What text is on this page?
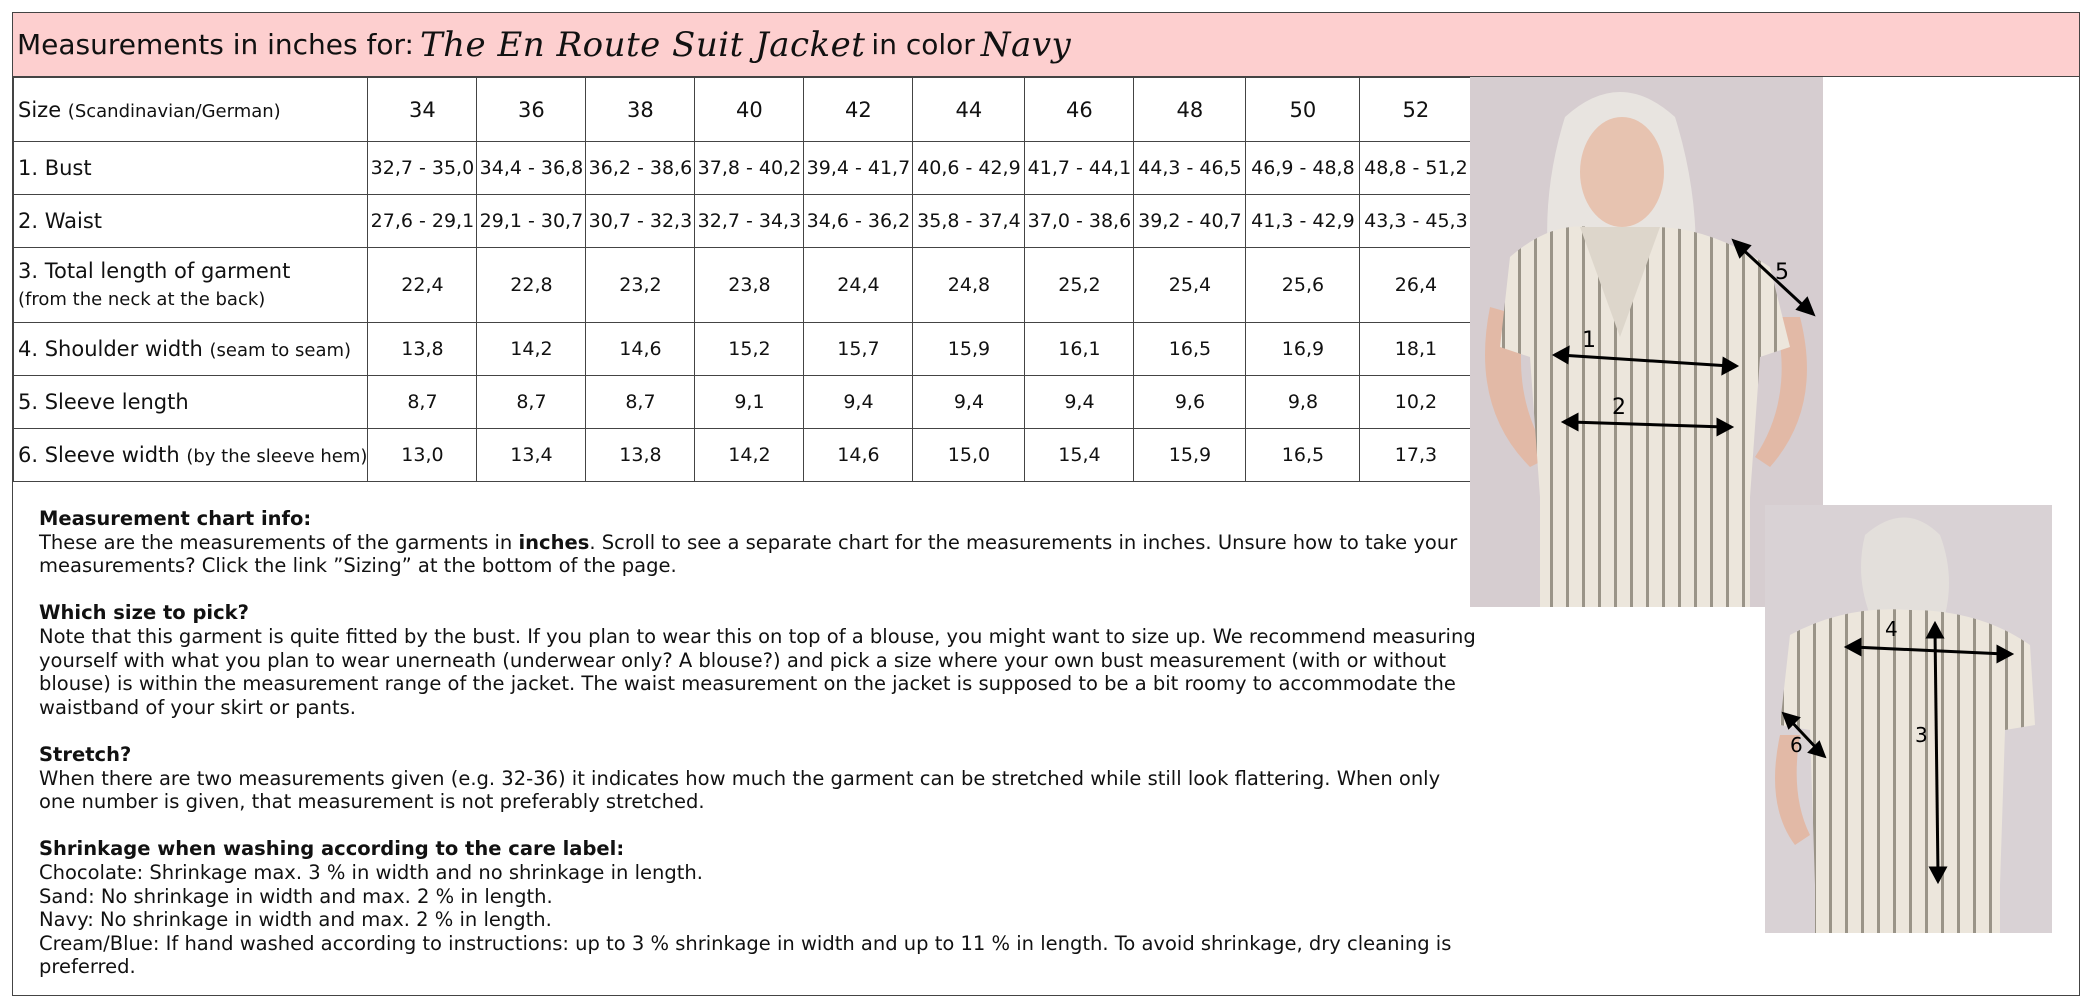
Measurements in inches for: The En Route Suit Jacket in color Navy
Size (Scandinavian/German)	34	36	38	40	42	44	46	48	50	52
1. Bust	32,7 - 35,0	34,4 - 36,8	36,2 - 38,6	37,8 - 40,2	39,4 - 41,7	40,6 - 42,9	41,7 - 44,1	44,3 - 46,5	46,9 - 48,8	48,8 - 51,2
2. Waist	27,6 - 29,1	29,1 - 30,7	30,7 - 32,3	32,7 - 34,3	34,6 - 36,2	35,8 - 37,4	37,0 - 38,6	39,2 - 40,7	41,3 - 42,9	43,3 - 45,3
3. Total length of garment
(from the neck at the back)	22,4	22,8	23,2	23,8	24,4	24,8	25,2	25,4	25,6	26,4
4. Shoulder width (seam to seam)	13,8	14,2	14,6	15,2	15,7	15,9	16,1	16,5	16,9	18,1
5. Sleeve length	8,7	8,7	8,7	9,1	9,4	9,4	9,4	9,6	9,8	10,2
6. Sleeve width (by the sleeve hem)	13,0	13,4	13,8	14,2	14,6	15,0	15,4	15,9	16,5	17,3

Measurement chart info:

These are the measurements of the garments in inches. Scroll to see a separate chart for the measurements in inches. Unsure how to take your measurements? Click the link ”Sizing” at the bottom of the page.

Which size to pick?

Note that this garment is quite fitted by the bust. If you plan to wear this on top of a blouse, you might want to size up. We recommend measuring yourself with what you plan to wear unerneath (underwear only? A blouse?) and pick a size where your own bust measurement (with or without blouse) is within the measurement range of the jacket. The waist measurement on the jacket is supposed to be a bit roomy to accommodate the waistband of your skirt or pants.

Stretch?

When there are two measurements given (e.g. 32-36) it indicates how much the garment can be stretched while still look flattering. When only one number is given, that measurement is not preferably stretched.

Shrinkage when washing according to the care label:

Chocolate: Shrinkage max. 3 % in width and no shrinkage in length.

Sand: No shrinkage in width and max. 2 % in length.

Navy: No shrinkage in width and max. 2 % in length.

Cream/Blue: If hand washed according to instructions: up to 3 % shrinkage in width and up to 11 % in length. To avoid shrinkage, dry cleaning is preferred.

1
2
5
4
3
6
